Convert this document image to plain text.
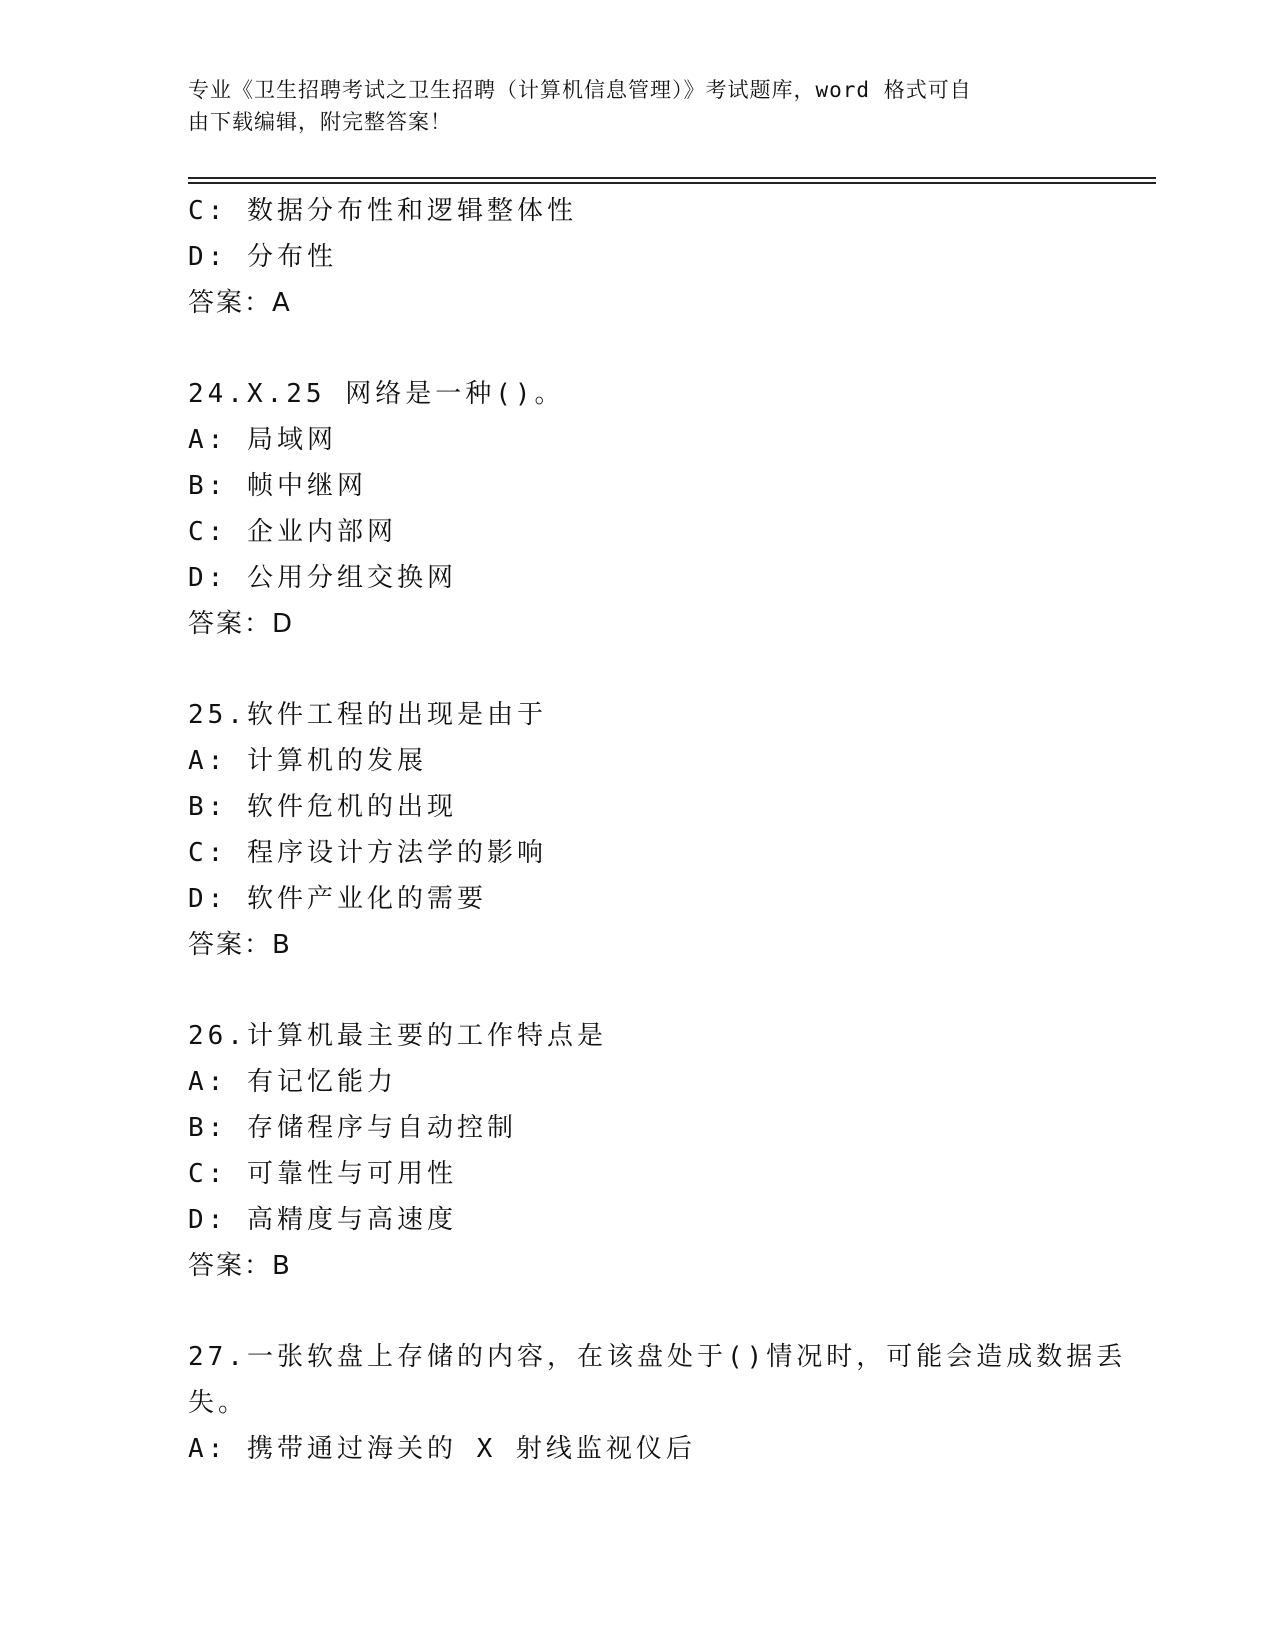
专业《卫生招聘考试之卫生招聘（计算机信息管理）》考试题库，word 格式可自
由下载编辑，附完整答案！
C: 数据分布性和逻辑整体性
D: 分布性
答案：A
24.X.25 网络是一种()。
A: 局域网
B: 帧中继网
C: 企业内部网
D: 公用分组交换网
答案：D
25.软件工程的出现是由于
A: 计算机的发展
B: 软件危机的出现
C: 程序设计方法学的影响
D: 软件产业化的需要
答案：B
26.计算机最主要的工作特点是
A: 有记忆能力
B: 存储程序与自动控制
C: 可靠性与可用性
D: 高精度与高速度
答案：B
27.一张软盘上存储的内容，在该盘处于()情况时，可能会造成数据丢
失。
A: 携带通过海关的 X 射线监视仪后
